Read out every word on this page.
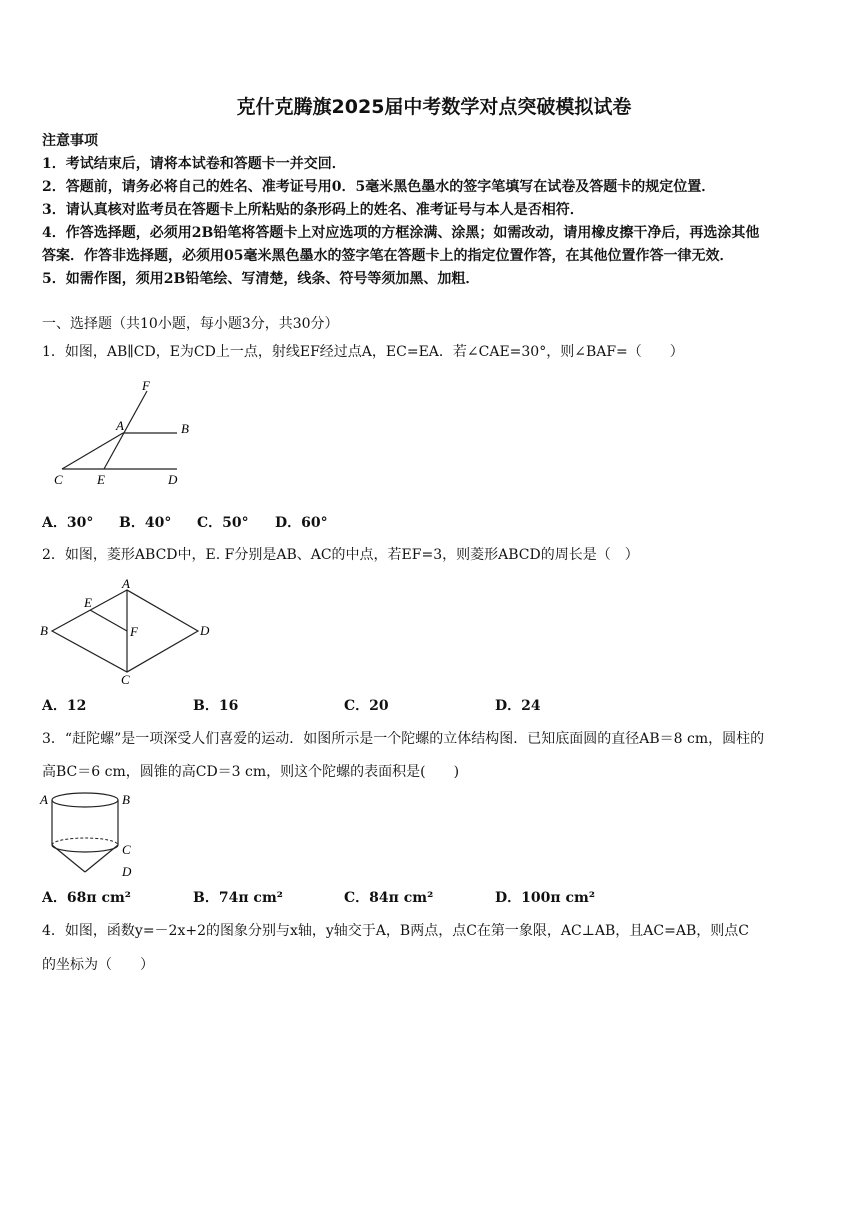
克什克腾旗2025届中考数学对点突破模拟试卷
注意事项
1．考试结束后，请将本试卷和答题卡一并交回．
2．答题前，请务必将自己的姓名、准考证号用0．5毫米黑色墨水的签字笔填写在试卷及答题卡的规定位置．
3．请认真核对监考员在答题卡上所粘贴的条形码上的姓名、准考证号与本人是否相符．
4．作答选择题，必须用2B铅笔将答题卡上对应选项的方框涂满、涂黑；如需改动，请用橡皮擦干净后，再选涂其他
答案．作答非选择题，必须用05毫米黑色墨水的签字笔在答题卡上的指定位置作答，在其他位置作答一律无效．
5．如需作图，须用2B铅笔绘、写清楚，线条、符号等须加黑、加粗．
一、选择题（共10小题，每小题3分，共30分）
1．如图，AB∥CD，E为CD上一点，射线EF经过点A，EC=EA．若∠CAE=30°，则∠BAF=（　　）
F
A	B
C	E	D
A．30° B．40° C．50° D．60°
2．如图，菱形ABCD中，E. F分别是AB、AC的中点，若EF=3，则菱形ABCD的周长是（　）
A
B
C
D
E
F
A．12	B．16	C．20	D．24
3．“赶陀螺”是一项深受人们喜爱的运动．如图所示是一个陀螺的立体结构图．已知底面圆的直径AB＝8 cm，圆柱的
高BC＝6 cm，圆锥的高CD＝3 cm，则这个陀螺的表面积是(　　)
A	B
C
D
A．68π cm²	B．74π cm²	C．84π cm²	D．100π cm²
4．如图，函数y=－2x+2的图象分别与x轴，y轴交于A，B两点，点C在第一象限，AC⊥AB，且AC=AB，则点C
的坐标为（　　）
